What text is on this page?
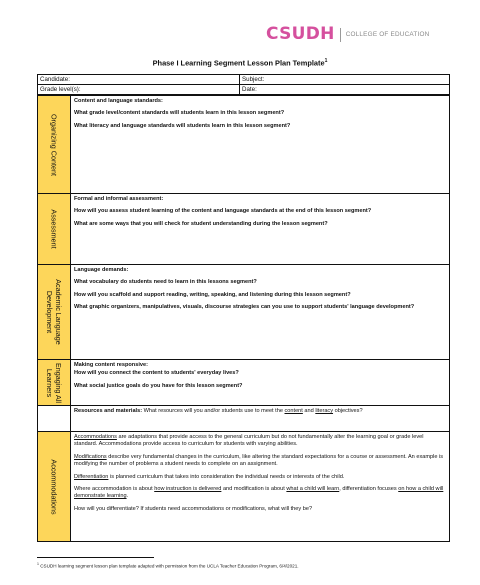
CSUDH COLLEGE OF EDUCATION
Phase I Learning Segment Lesson Plan Template$^1$
Candidate:	Subject:
Grade level(s):	Date:
Organizing Content

Content and language standards:

What grade level/content standards will students learn in this lesson segment?

What literacy and language standards will students learn in this lesson segment?

Assessment

Formal and informal assessment:

How will you assess student learning of the content and language standards at the end of this lesson segment?

What are some ways that you will check for student understanding during the lesson segment?

Academic Language
Development

Language demands:

What vocabulary do students need to learn in this lessons segment?

How will you scaffold and support reading, writing, speaking, and listening during this lesson segment?

What graphic organizers, manipulatives, visuals, discourse strategies can you use to support students' language development?

Engaging All
Learners

Making content responsive:

How will you connect the content to students' everyday lives?

What social justice goals do you have for this lesson segment?

Resources and materials: What resources will you and/or students use to meet the content and literacy objectives?

Accommodations

Accommodations are adaptations that provide access to the general curriculum but do not fundamentally alter the learning goal or grade level standard. Accommodations provide access to curriculum for students with varying abilities.

Modifications describe very fundamental changes in the curriculum, like altering the standard expectations for a course or assessment. An example is modifying the number of problems a student needs to complete on an assignment.

Differentiation is planned curriculum that takes into consideration the individual needs or interests of the child.

Where accommodation is about how instruction is delivered and modification is about what a child will learn, differentiation focuses on how a child will demonstrate learning.

How will you differentiate? If students need accommodations or modifications, what will they be?

$^1$ CSUDH learning segment lesson plan template adapted with permission from the UCLA Teacher Education Program, 6/4/2021.
